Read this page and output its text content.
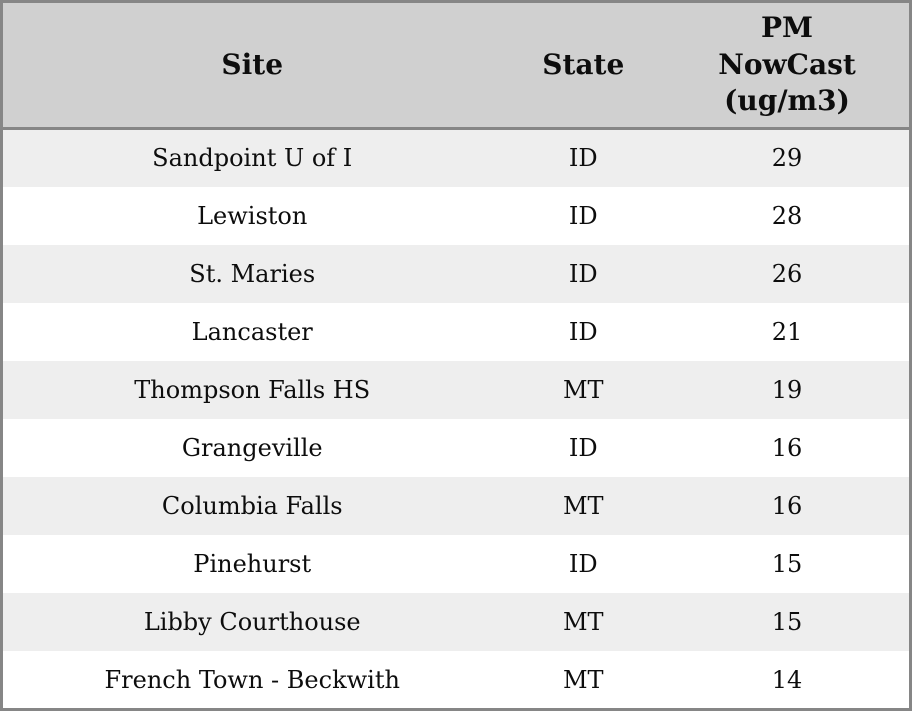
Site	State	PM
NowCast
(ug/m3)

Sandpoint U of I	ID	29
Lewiston	ID	28
St. Maries	ID	26
Lancaster	ID	21
Thompson Falls HS	MT	19
Grangeville	ID	16
Columbia Falls	MT	16
Pinehurst	ID	15
Libby Courthouse	MT	15
French Town - Beckwith	MT	14
